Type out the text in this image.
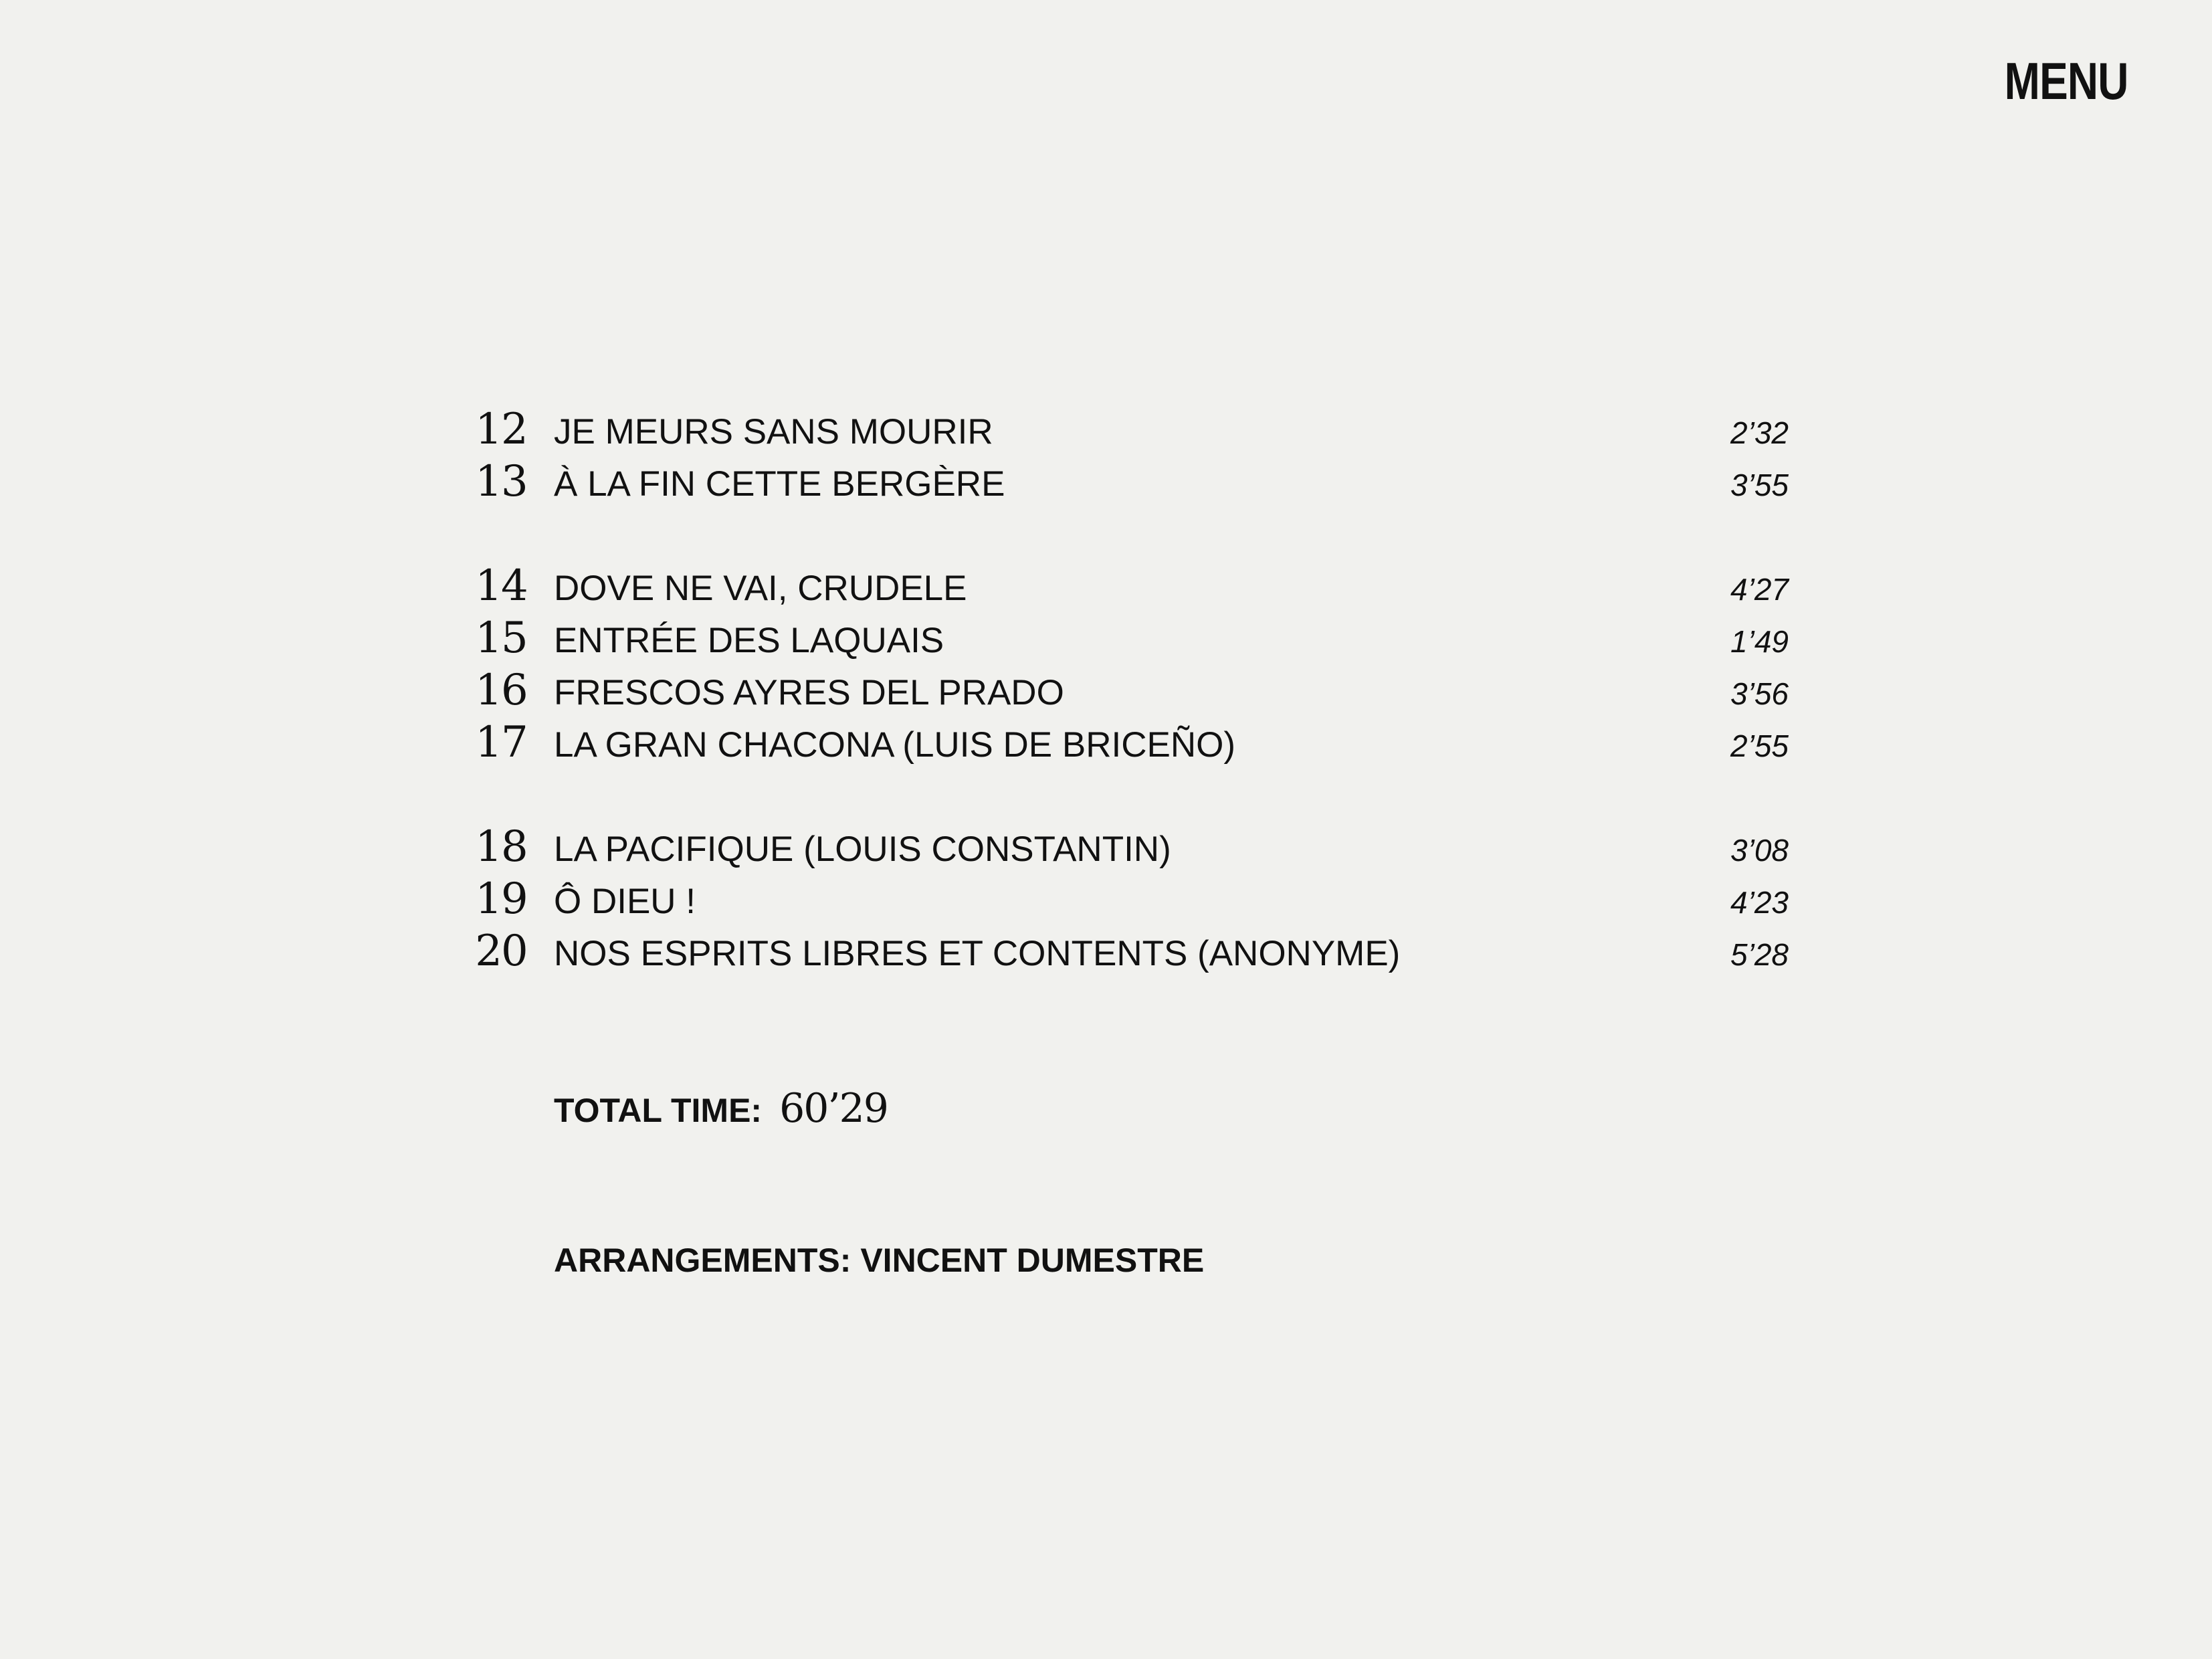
MENU
12 JE MEURS SANS MOURIR	2’32
13 À LA FIN CETTE BERGÈRE	3’55
14 DOVE NE VAI, CRUDELE	4’27
15 ENTRÉE DES LAQUAIS	1’49
16 FRESCOS AYRES DEL PRADO	3’56
17 LA GRAN CHACONA (LUIS DE BRICEÑO)	2’55
18 LA PACIFIQUE (LOUIS CONSTANTIN)	3’08
19 Ô DIEU !	4’23
20 NOS ESPRITS LIBRES ET CONTENTS (ANONYME)	5’28
TOTAL TIME: 60’29
ARRANGEMENTS: VINCENT DUMESTRE
